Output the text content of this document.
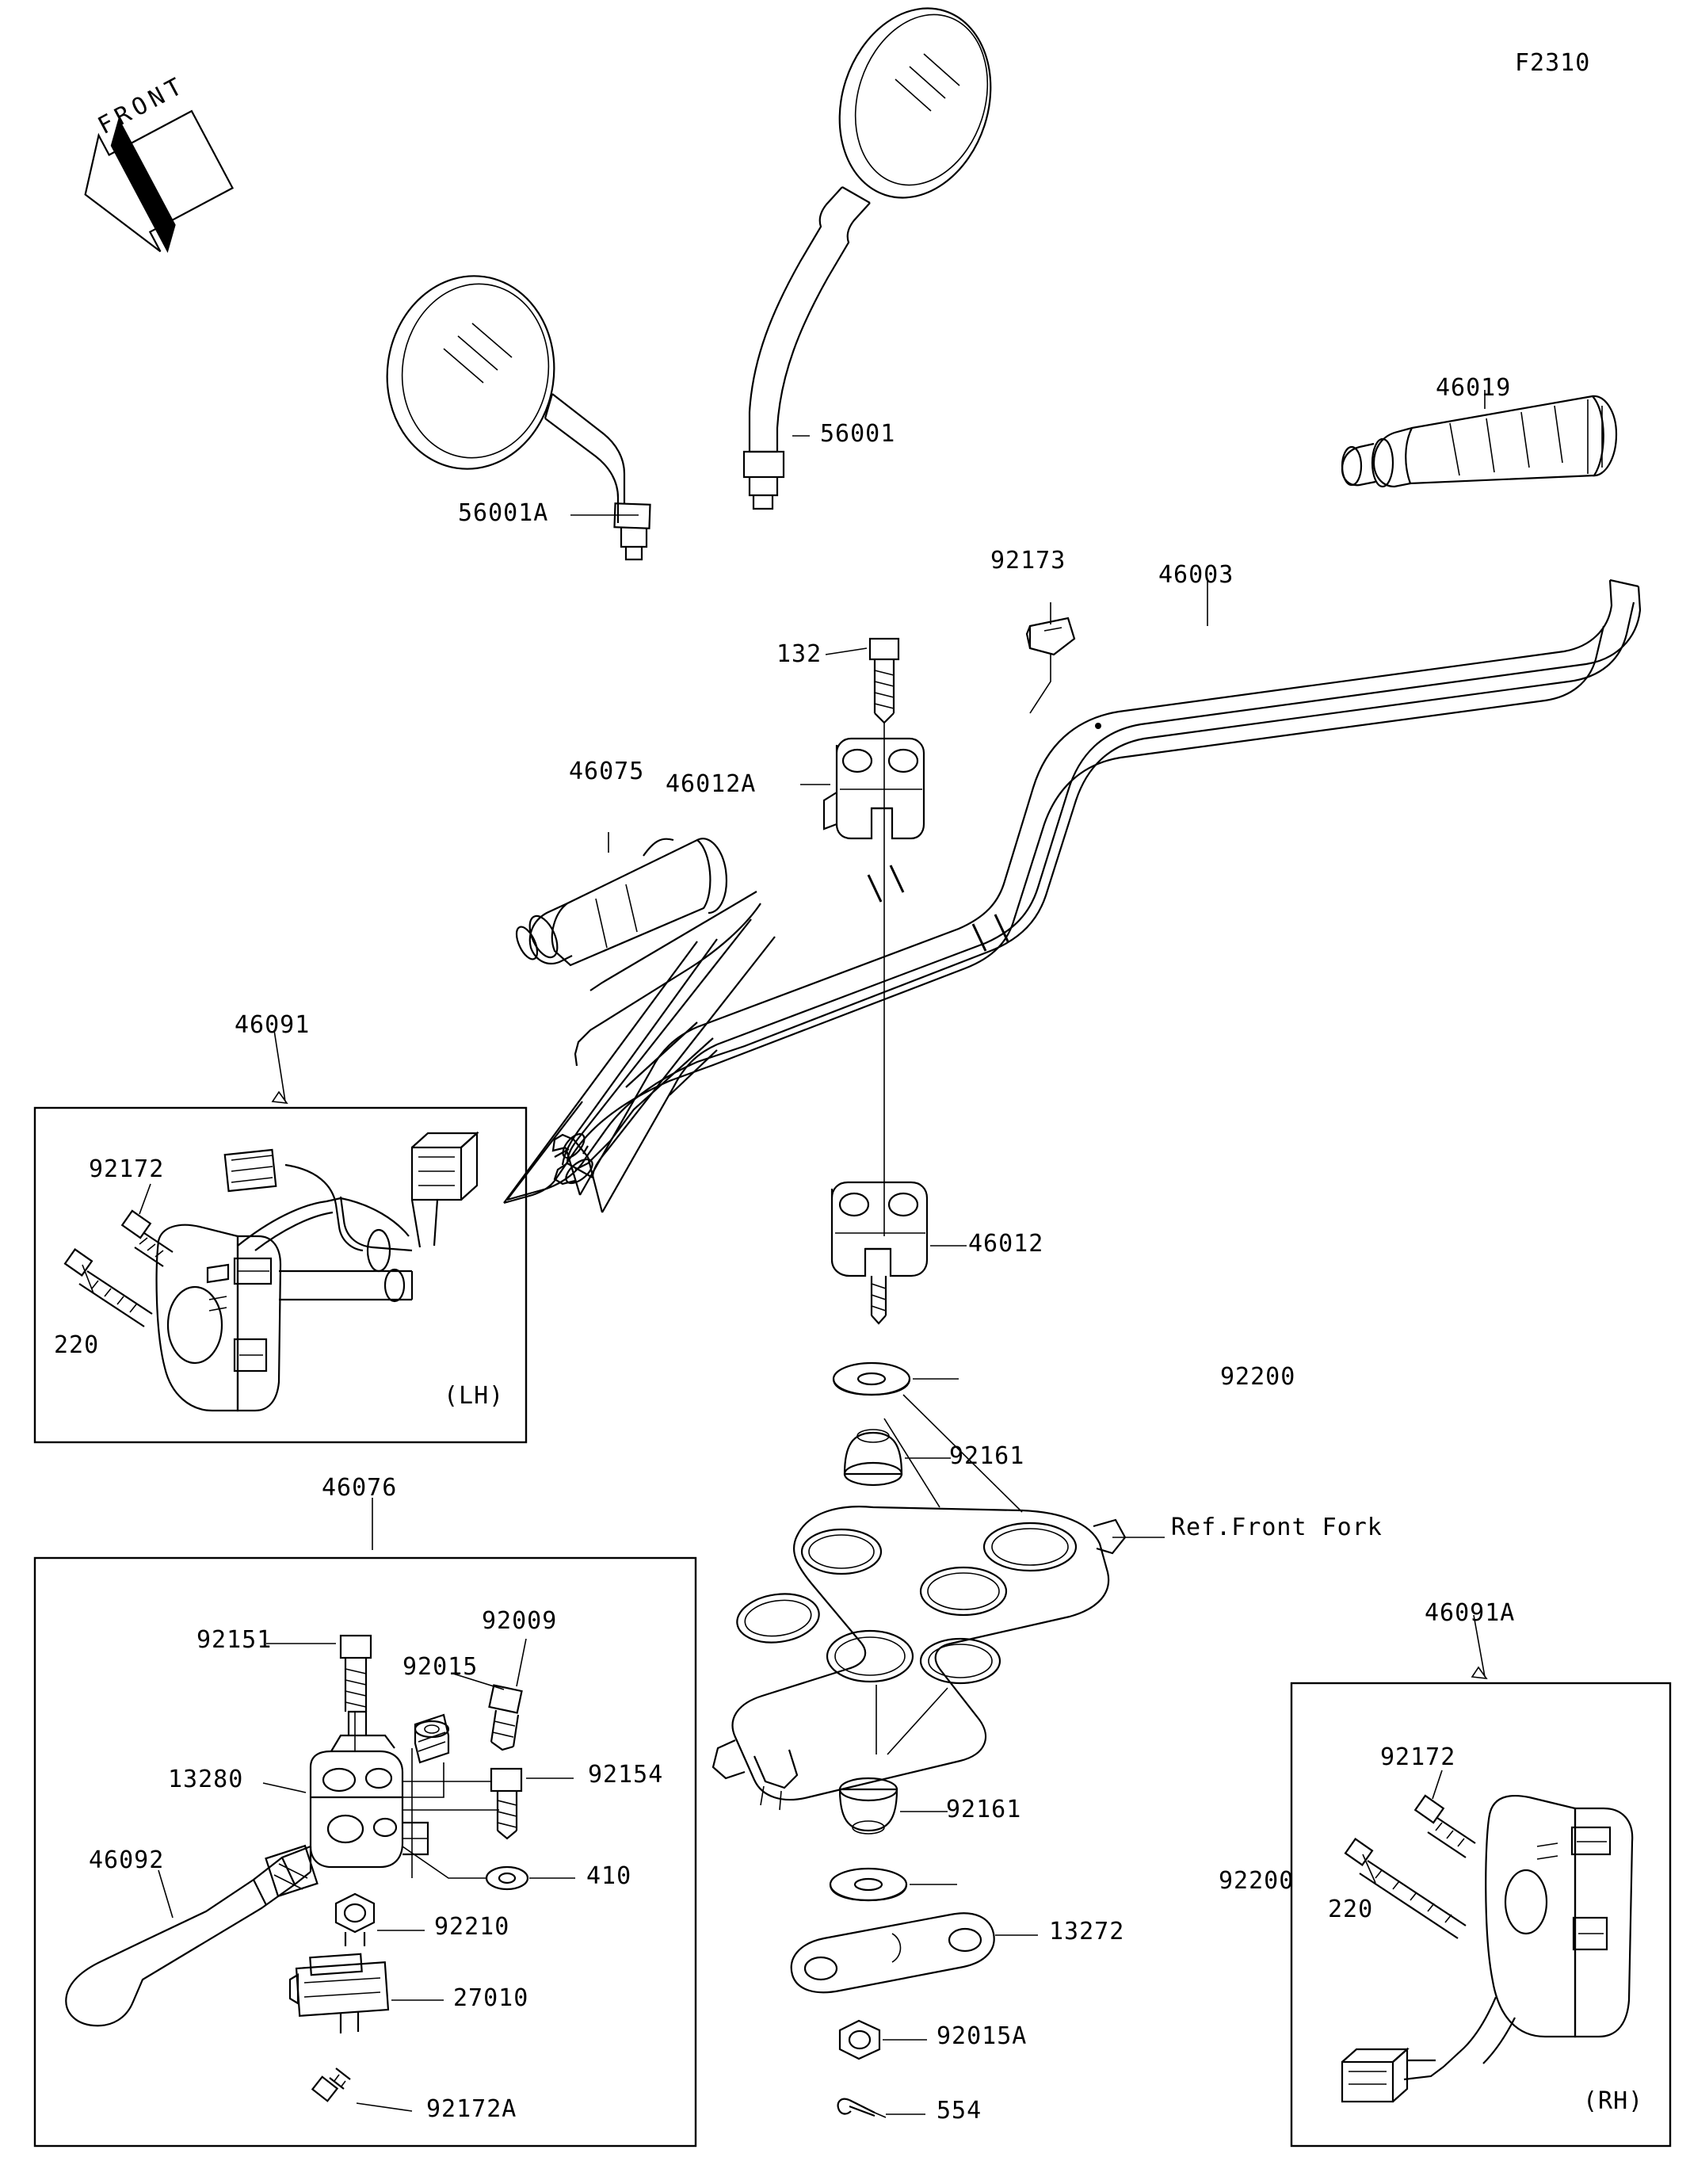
F2310
56001
56001A
46019
92173
46003
132
46075 46012A
46091
92172
220
46012
92200
92161
46076
92009
92151
92015
92154
13280
410
46092
92210
27010
92172A
92161
92200
13272
92015A
554
46091A
92172
220
Ref.Front Fork
(LH)
(RH)
FRONT
